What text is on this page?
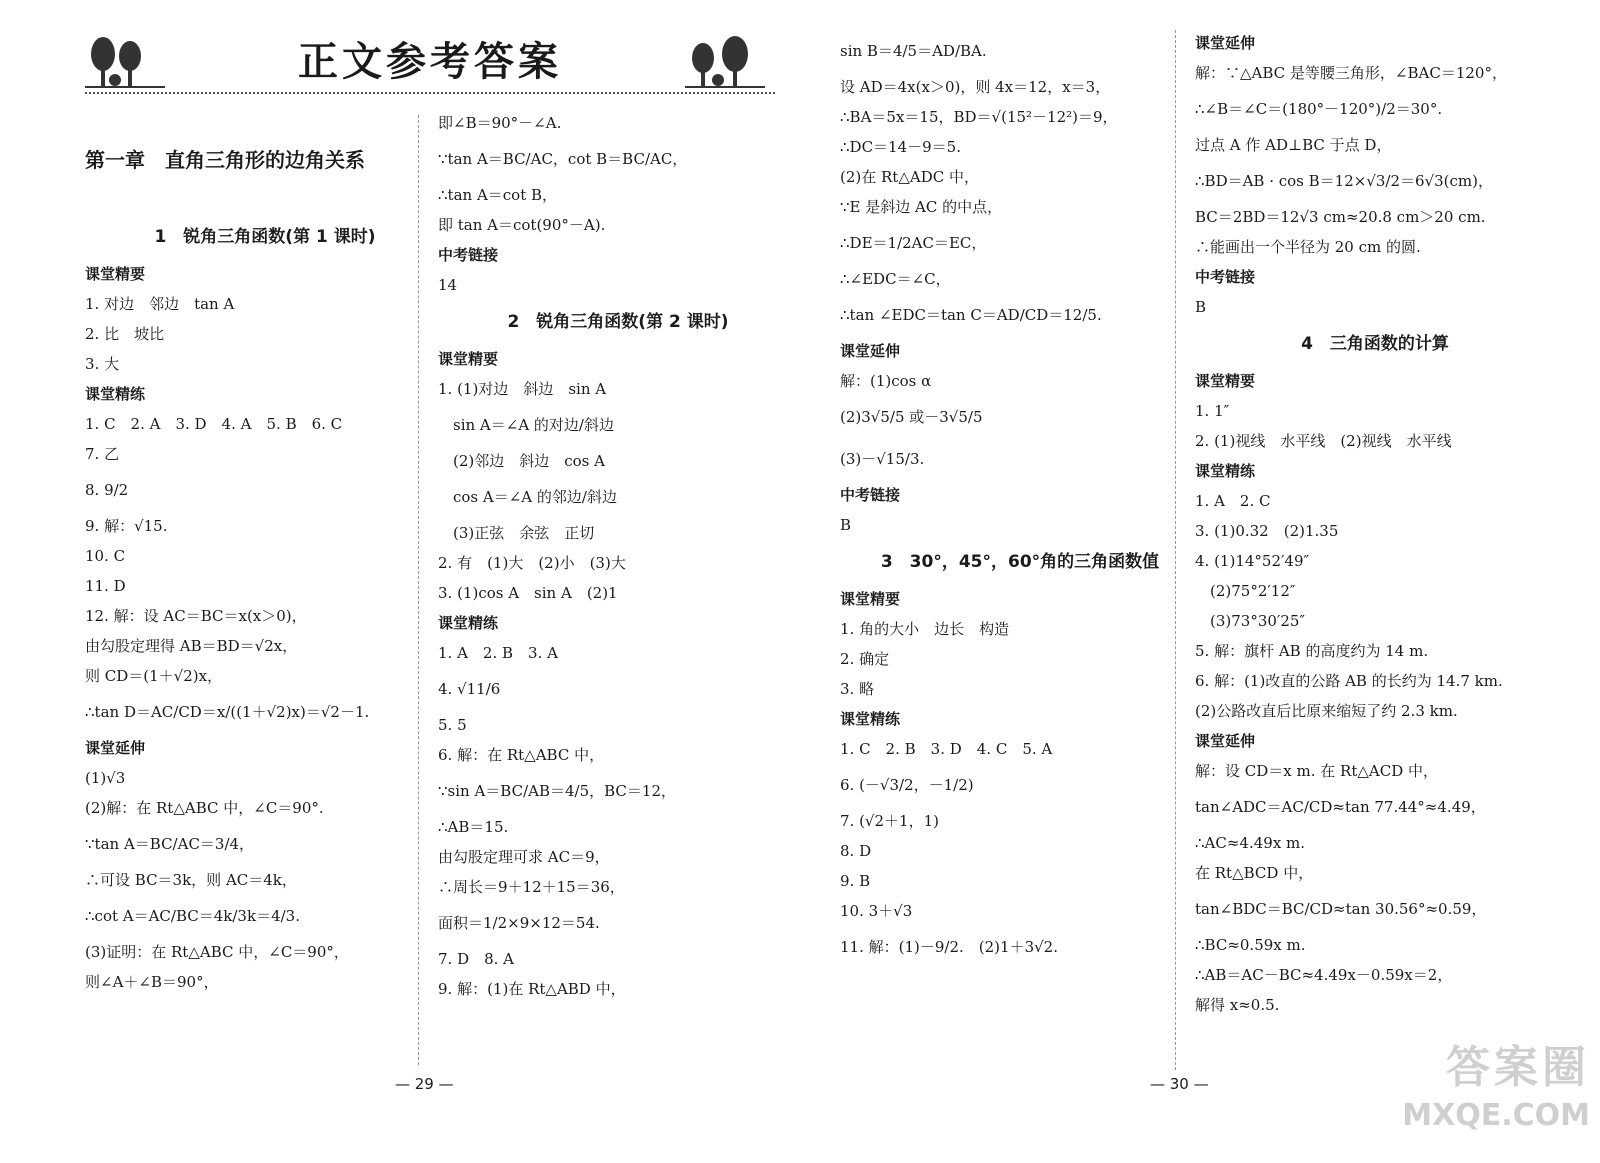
正文参考答案
第一章　直角三角形的边角关系
1　锐角三角函数(第 1 课时)
课堂精要
1. 对边　邻边　tan A
2. 比　坡比
3. 大
课堂精练
1. C　2. A　3. D　4. A　5. B　6. C
7. 乙
8. 9/2
9. 解：√15.
10. C
11. D
12. 解：设 AC＝BC＝x(x＞0)，
由勾股定理得 AB＝BD＝√2x，
则 CD＝(1＋√2)x，
∴tan D＝AC/CD＝x/((1＋√2)x)＝√2－1.
课堂延伸
(1)√3
(2)解：在 Rt△ABC 中，∠C＝90°.
∵tan A＝BC/AC＝3/4，
∴可设 BC＝3k，则 AC＝4k，
∴cot A＝AC/BC＝4k/3k＝4/3.
(3)证明：在 Rt△ABC 中，∠C＝90°，
则∠A＋∠B＝90°，
即∠B＝90°－∠A.
∵tan A＝BC/AC，cot B＝BC/AC，
∴tan A＝cot B，
即 tan A＝cot(90°－A).
中考链接
14
2　锐角三角函数(第 2 课时)
课堂精要
1. (1)对边　斜边　sin A
　sin A＝∠A 的对边/斜边
　(2)邻边　斜边　cos A
　cos A＝∠A 的邻边/斜边
　(3)正弦　余弦　正切
2. 有　(1)大　(2)小　(3)大
3. (1)cos A　sin A　(2)1
课堂精练
1. A　2. B　3. A
4. √11/6
5. 5
6. 解：在 Rt△ABC 中，
∵sin A＝BC/AB＝4/5，BC＝12，
∴AB＝15.
由勾股定理可求 AC＝9，
∴周长＝9＋12＋15＝36，
面积＝1/2×9×12＝54.
7. D　8. A
9. 解：(1)在 Rt△ABD 中，
sin B＝4/5＝AD/BA.
设 AD＝4x(x＞0)，则 4x＝12，x＝3，
∴BA＝5x＝15，BD＝√(15²－12²)＝9，
∴DC＝14－9＝5.
(2)在 Rt△ADC 中，
∵E 是斜边 AC 的中点，
∴DE＝1/2AC＝EC，
∴∠EDC＝∠C，
∴tan ∠EDC＝tan C＝AD/CD＝12/5.
课堂延伸
解：(1)cos α
(2)3√5/5 或－3√5/5
(3)－√15/3.
中考链接
B
3　30°，45°，60°角的三角函数值
课堂精要
1. 角的大小　边长　构造
2. 确定
3. 略
课堂精练
1. C　2. B　3. D　4. C　5. A
6. (－√3/2，－1/2)
7. (√2＋1，1)
8. D
9. B
10. 3＋√3
11. 解：(1)－9/2.　(2)1＋3√2.
课堂延伸
解：∵△ABC 是等腰三角形，∠BAC＝120°，
∴∠B＝∠C＝(180°－120°)/2＝30°.
过点 A 作 AD⊥BC 于点 D，
∴BD＝AB · cos B＝12×√3/2＝6√3(cm)，
BC＝2BD＝12√3 cm≈20.8 cm＞20 cm.
∴能画出一个半径为 20 cm 的圆.
中考链接
B
4　三角函数的计算
课堂精要
1. 1″
2. (1)视线　水平线　(2)视线　水平线
课堂精练
1. A　2. C
3. (1)0.32　(2)1.35
4. (1)14°52′49″
　(2)75°2′12″
　(3)73°30′25″
5. 解：旗杆 AB 的高度约为 14 m.
6. 解：(1)改直的公路 AB 的长约为 14.7 km.
(2)公路改直后比原来缩短了约 2.3 km.
课堂延伸
解：设 CD＝x m. 在 Rt△ACD 中，
tan∠ADC＝AC/CD≈tan 77.44°≈4.49，
∴AC≈4.49x m.
在 Rt△BCD 中，
tan∠BDC＝BC/CD≈tan 30.56°≈0.59，
∴BC≈0.59x m.
∴AB＝AC－BC≈4.49x－0.59x＝2，
解得 x≈0.5.
— 29 —	— 30 —	答案圈
MXQE.COM
